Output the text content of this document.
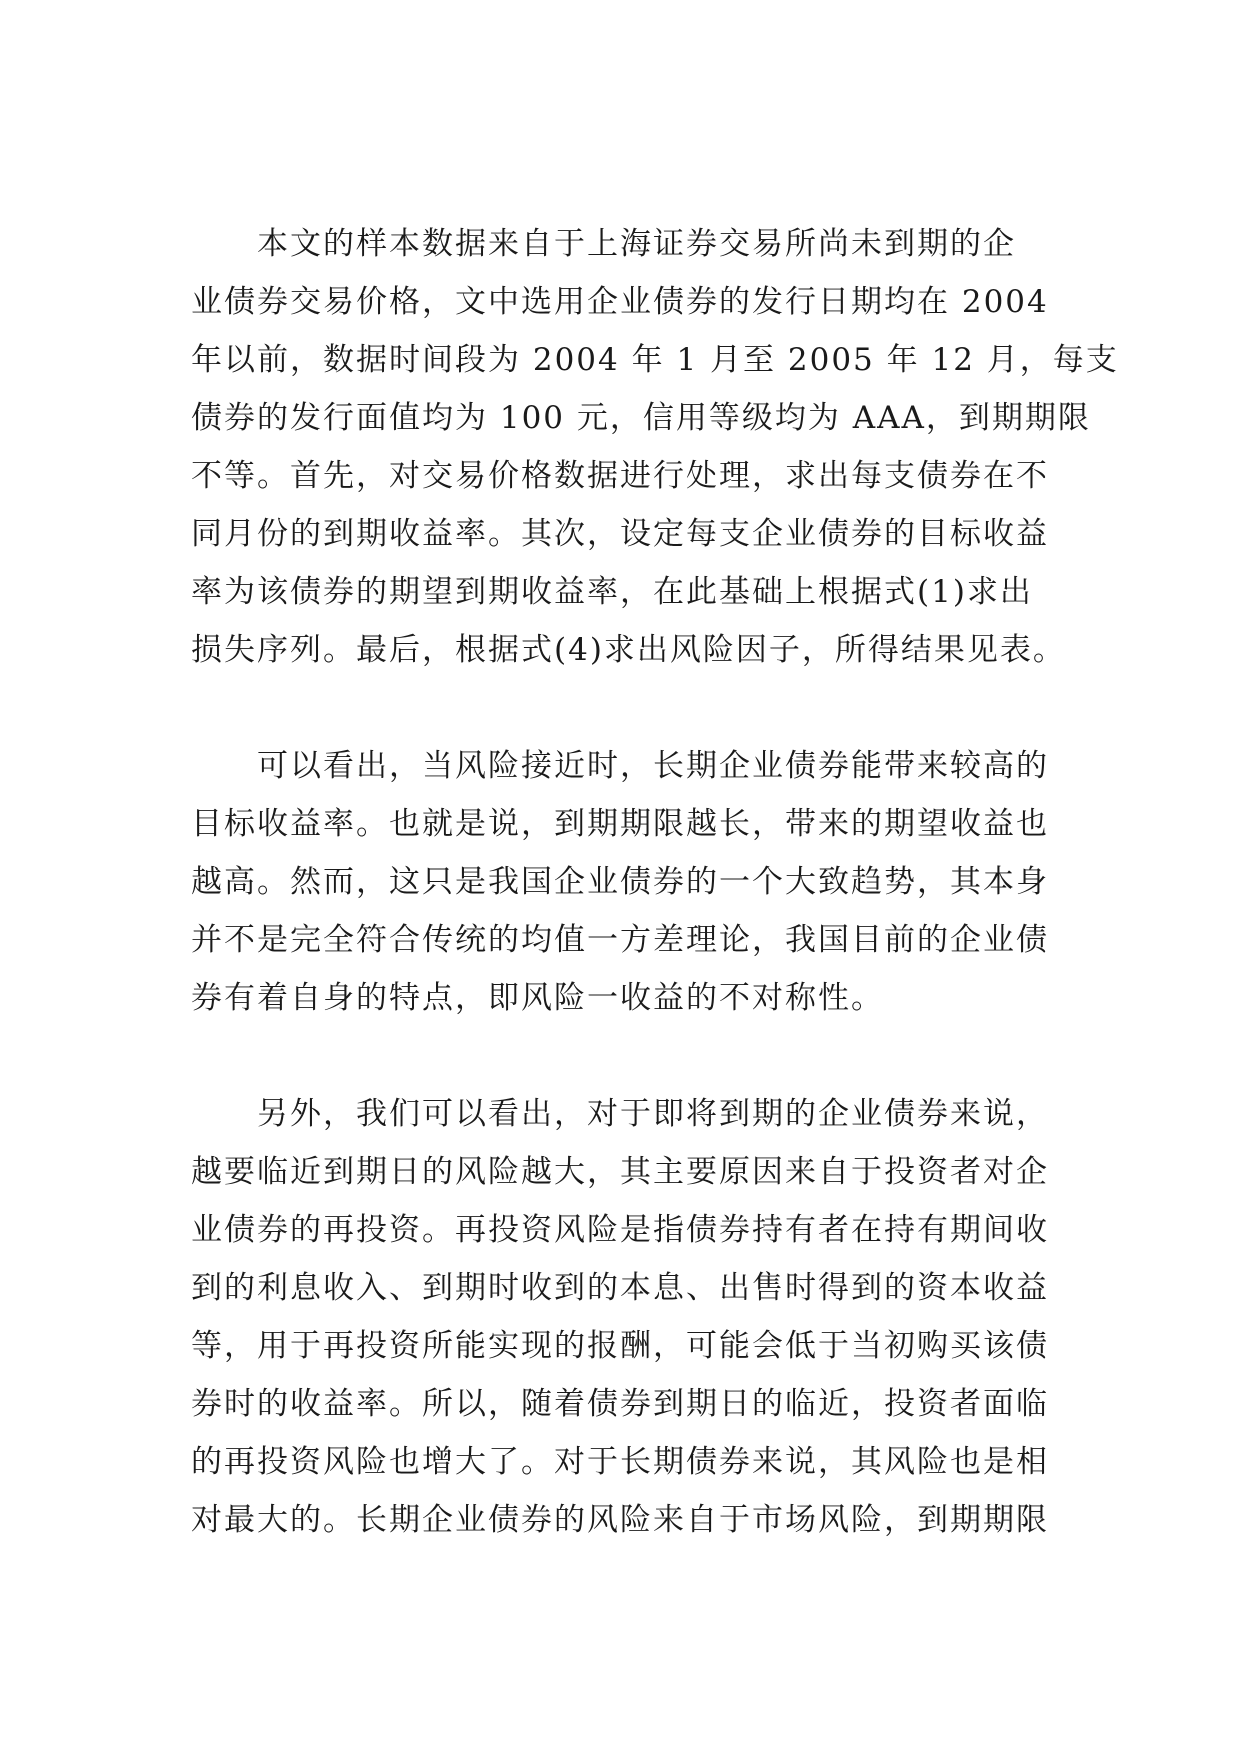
本文的样本数据来自于上海证券交易所尚未到期的企
业债券交易价格，文中选用企业债券的发行日期均在 2004
年以前，数据时间段为 2004 年 1 月至 2005 年 12 月，每支
债券的发行面值均为 100 元，信用等级均为 AAA，到期期限
不等。首先，对交易价格数据进行处理，求出每支债券在不
同月份的到期收益率。其次，设定每支企业债券的目标收益
率为该债券的期望到期收益率，在此基础上根据式(1)求出
损失序列。最后，根据式(4)求出风险因子，所得结果见表。
可以看出，当风险接近时，长期企业债券能带来较高的
目标收益率。也就是说，到期期限越长，带来的期望收益也
越高。然而，这只是我国企业债券的一个大致趋势，其本身
并不是完全符合传统的均值一方差理论，我国目前的企业债
券有着自身的特点，即风险一收益的不对称性。
另外，我们可以看出，对于即将到期的企业债券来说，
越要临近到期日的风险越大，其主要原因来自于投资者对企
业债券的再投资。再投资风险是指债券持有者在持有期间收
到的利息收入、到期时收到的本息、出售时得到的资本收益
等，用于再投资所能实现的报酬，可能会低于当初购买该债
券时的收益率。所以，随着债券到期日的临近，投资者面临
的再投资风险也增大了。对于长期债券来说，其风险也是相
对最大的。长期企业债券的风险来自于市场风险，到期期限
